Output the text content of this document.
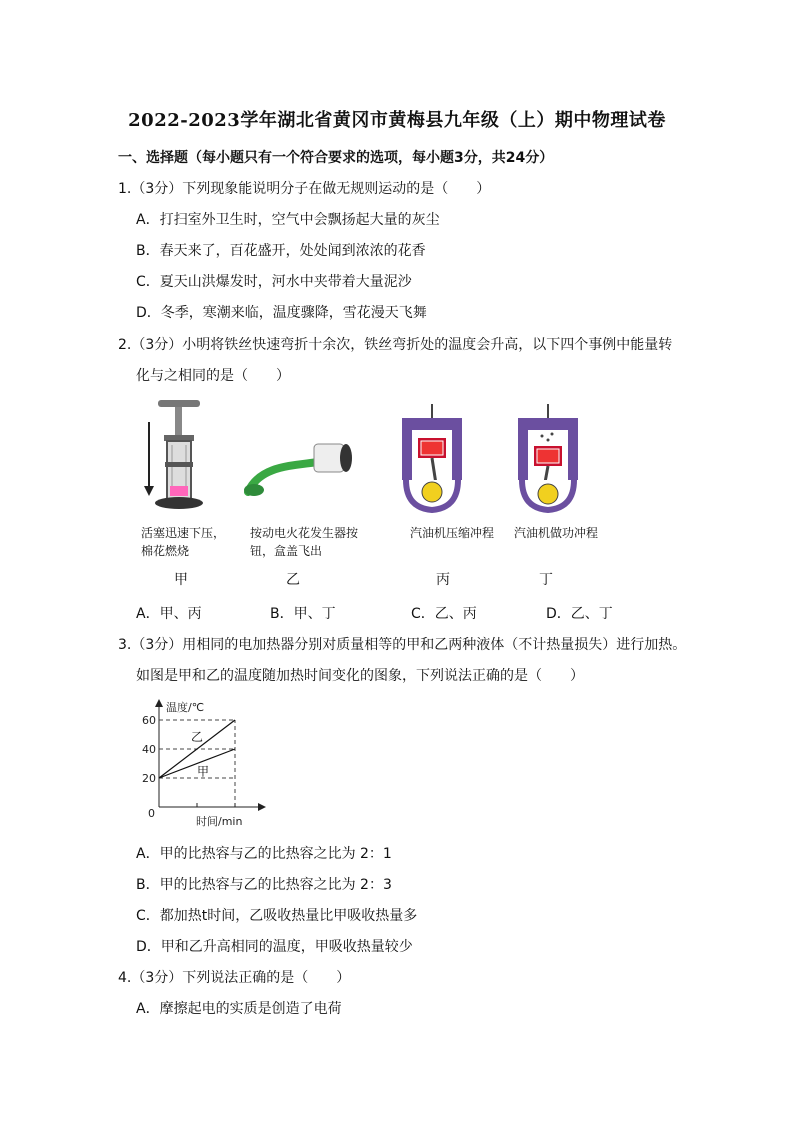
2022-2023学年湖北省黄冈市黄梅县九年级（上）期中物理试卷
一、选择题（每小题只有一个符合要求的选项，每小题3分，共24分）
1.（3分）下列现象能说明分子在做无规则运动的是（　　）
A．打扫室外卫生时，空气中会飘扬起大量的灰尘
B．春天来了，百花盛开，处处闻到浓浓的花香
C．夏天山洪爆发时，河水中夹带着大量泥沙
D．冬季，寒潮来临，温度骤降，雪花漫天飞舞
2.（3分）小明将铁丝快速弯折十余次，铁丝弯折处的温度会升高，以下四个事例中能量转
化与之相同的是（　　）
活塞迅速下压，
棉花燃烧
按动电火花发生器按
钮，盒盖飞出
汽油机压缩冲程	汽油机做功冲程
甲	乙	丙	丁
A．甲、丙	B．甲、丁	C．乙、丙	D．乙、丁
3.（3分）用相同的电加热器分别对质量相等的甲和乙两种液体（不计热量损失）进行加热。
如图是甲和乙的温度随加热时间变化的图象，下列说法正确的是（　　）
温度/℃
时间/min
0
20
40
60
乙
甲
A．甲的比热容与乙的比热容之比为 2：1
B．甲的比热容与乙的比热容之比为 2：3
C．都加热t时间，乙吸收热量比甲吸收热量多
D．甲和乙升高相同的温度，甲吸收热量较少
4.（3分）下列说法正确的是（　　）
A．摩擦起电的实质是创造了电荷
